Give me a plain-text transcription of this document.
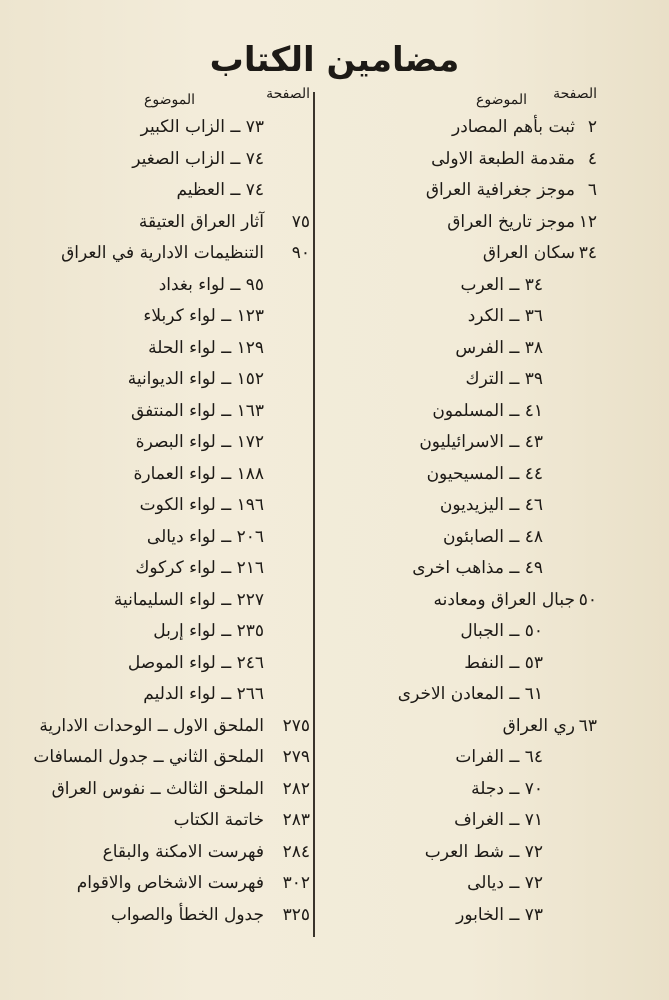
مضامين الكتاب
الصفحة
الموضوع
٢
ثبت بأهم المصادر
٤
مقدمة الطبعة الاولى
٦
موجز جغرافية العراق
١٢
موجز تاريخ العراق
٣٤
سكان العراق
٣٤ ــ العرب
٣٦ ــ الكرد
٣٨ ــ الفرس
٣٩ ــ الترك
٤١ ــ المسلمون
٤٣ ــ الاسرائيليون
٤٤ ــ المسيحيون
٤٦ ــ اليزيديون
٤٨ ــ الصابئون
٤٩ ــ مذاهب اخرى
٥٠
جبال العراق ومعادنه
٥٠ ــ الجبال
٥٣ ــ النفط
٦١ ــ المعادن الاخرى
٦٣
ري العراق
٦٤ ــ الفرات
٧٠ ــ دجلة
٧١ ــ الغراف
٧٢ ــ شط العرب
٧٢ ــ ديالى
٧٣ ــ الخابور
الصفحة
الموضوع
٧٣ ــ الزاب الكبير
٧٤ ــ الزاب الصغير
٧٤ ــ العظيم
٧٥
آثار العراق العتيقة
٩٠
التنظيمات الادارية في العراق
٩٥ ــ لواء بغداد
١٢٣ ــ لواء كربلاء
١٢٩ ــ لواء الحلة
١٥٢ ــ لواء الديوانية
١٦٣ ــ لواء المنتفق
١٧٢ ــ لواء البصرة
١٨٨ ــ لواء العمارة
١٩٦ ــ لواء الكوت
٢٠٦ ــ لواء ديالى
٢١٦ ــ لواء كركوك
٢٢٧ ــ لواء السليمانية
٢٣٥ ــ لواء إربل
٢٤٦ ــ لواء الموصل
٢٦٦ ــ لواء الدليم
٢٧٥
الملحق الاول ــ الوحدات الادارية
٢٧٩
الملحق الثاني ــ جدول المسافات
٢٨٢
الملحق الثالث ــ نفوس العراق
٢٨٣
خاتمة الكتاب
٢٨٤
فهرست الامكنة والبقاع
٣٠٢
فهرست الاشخاص والاقوام
٣٢٥
جدول الخطأ والصواب
